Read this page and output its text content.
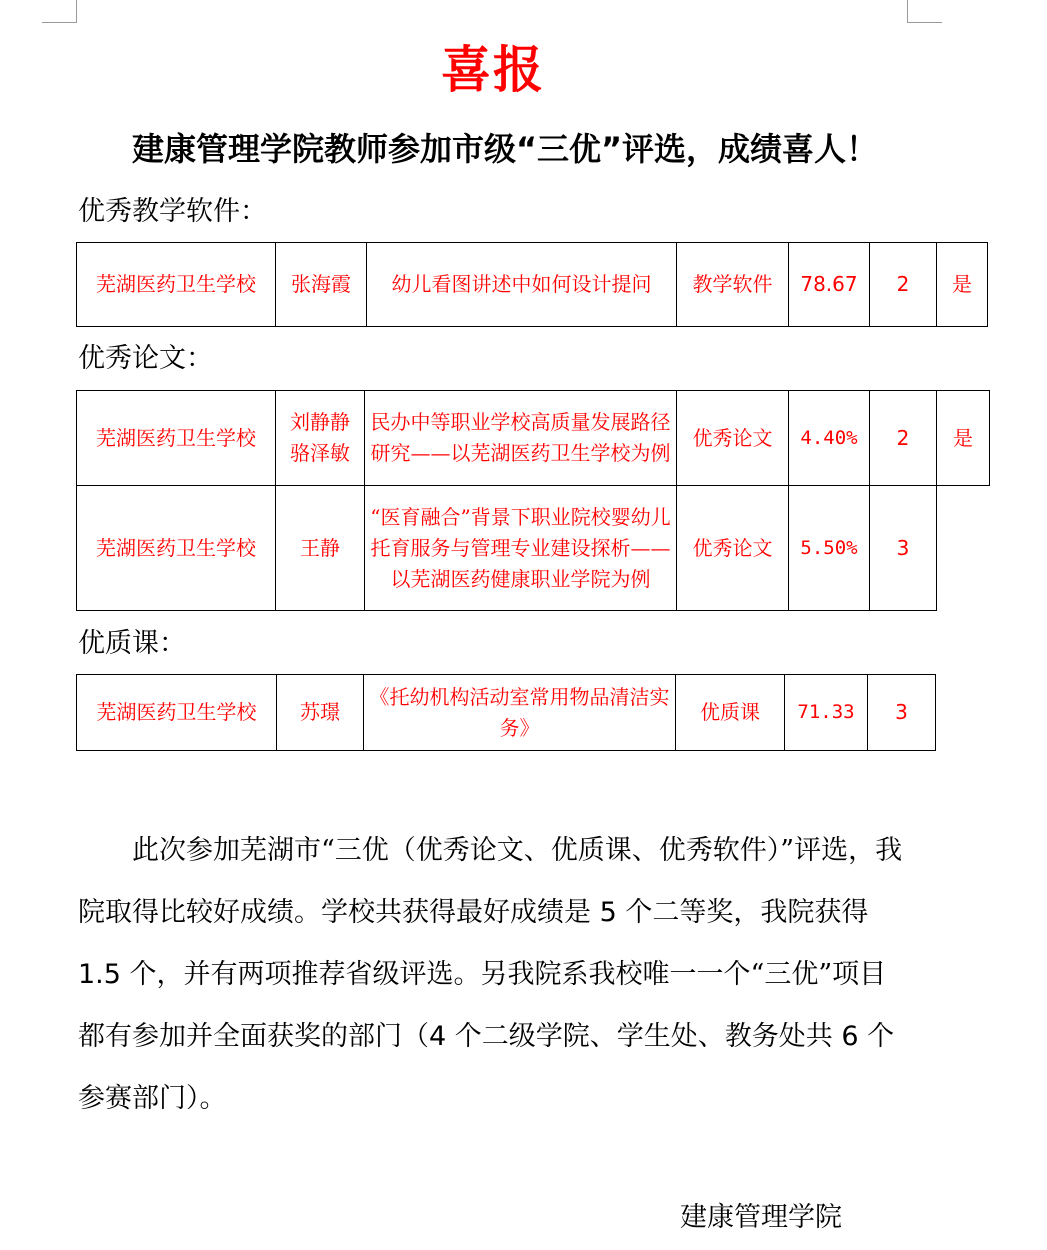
喜报
建康管理学院教师参加市级“三优”评选，成绩喜人！
优秀教学软件：
芜湖医药卫生学校	张海霞	幼儿看图讲述中如何设计提问	教学软件	78.67	2	是
优秀论文：
芜湖医药卫生学校	刘静静 骆泽敏	民办中等职业学校高质量发展路径研究——以芜湖医药卫生学校为例	优秀论文	4.40%	2	是
芜湖医药卫生学校	王静	“医育融合”背景下职业院校婴幼儿托育服务与管理专业建设探析——以芜湖医药健康职业学院为例	优秀论文	5.50%	3	
优质课：
芜湖医药卫生学校	苏璟	《托幼机构活动室常用物品清洁实务》	优质课	71.33	3

此次参加芜湖市“三优（优秀论文、优质课、优秀软件）”评选，我院取得比较好成绩。学校共获得最好成绩是 5 个二等奖，我院获得 1.5 个，并有两项推荐省级评选。另我院系我校唯一一个“三优”项目都有参加并全面获奖的部门（4 个二级学院、学生处、教务处共 6 个参赛部门）。

建康管理学院
